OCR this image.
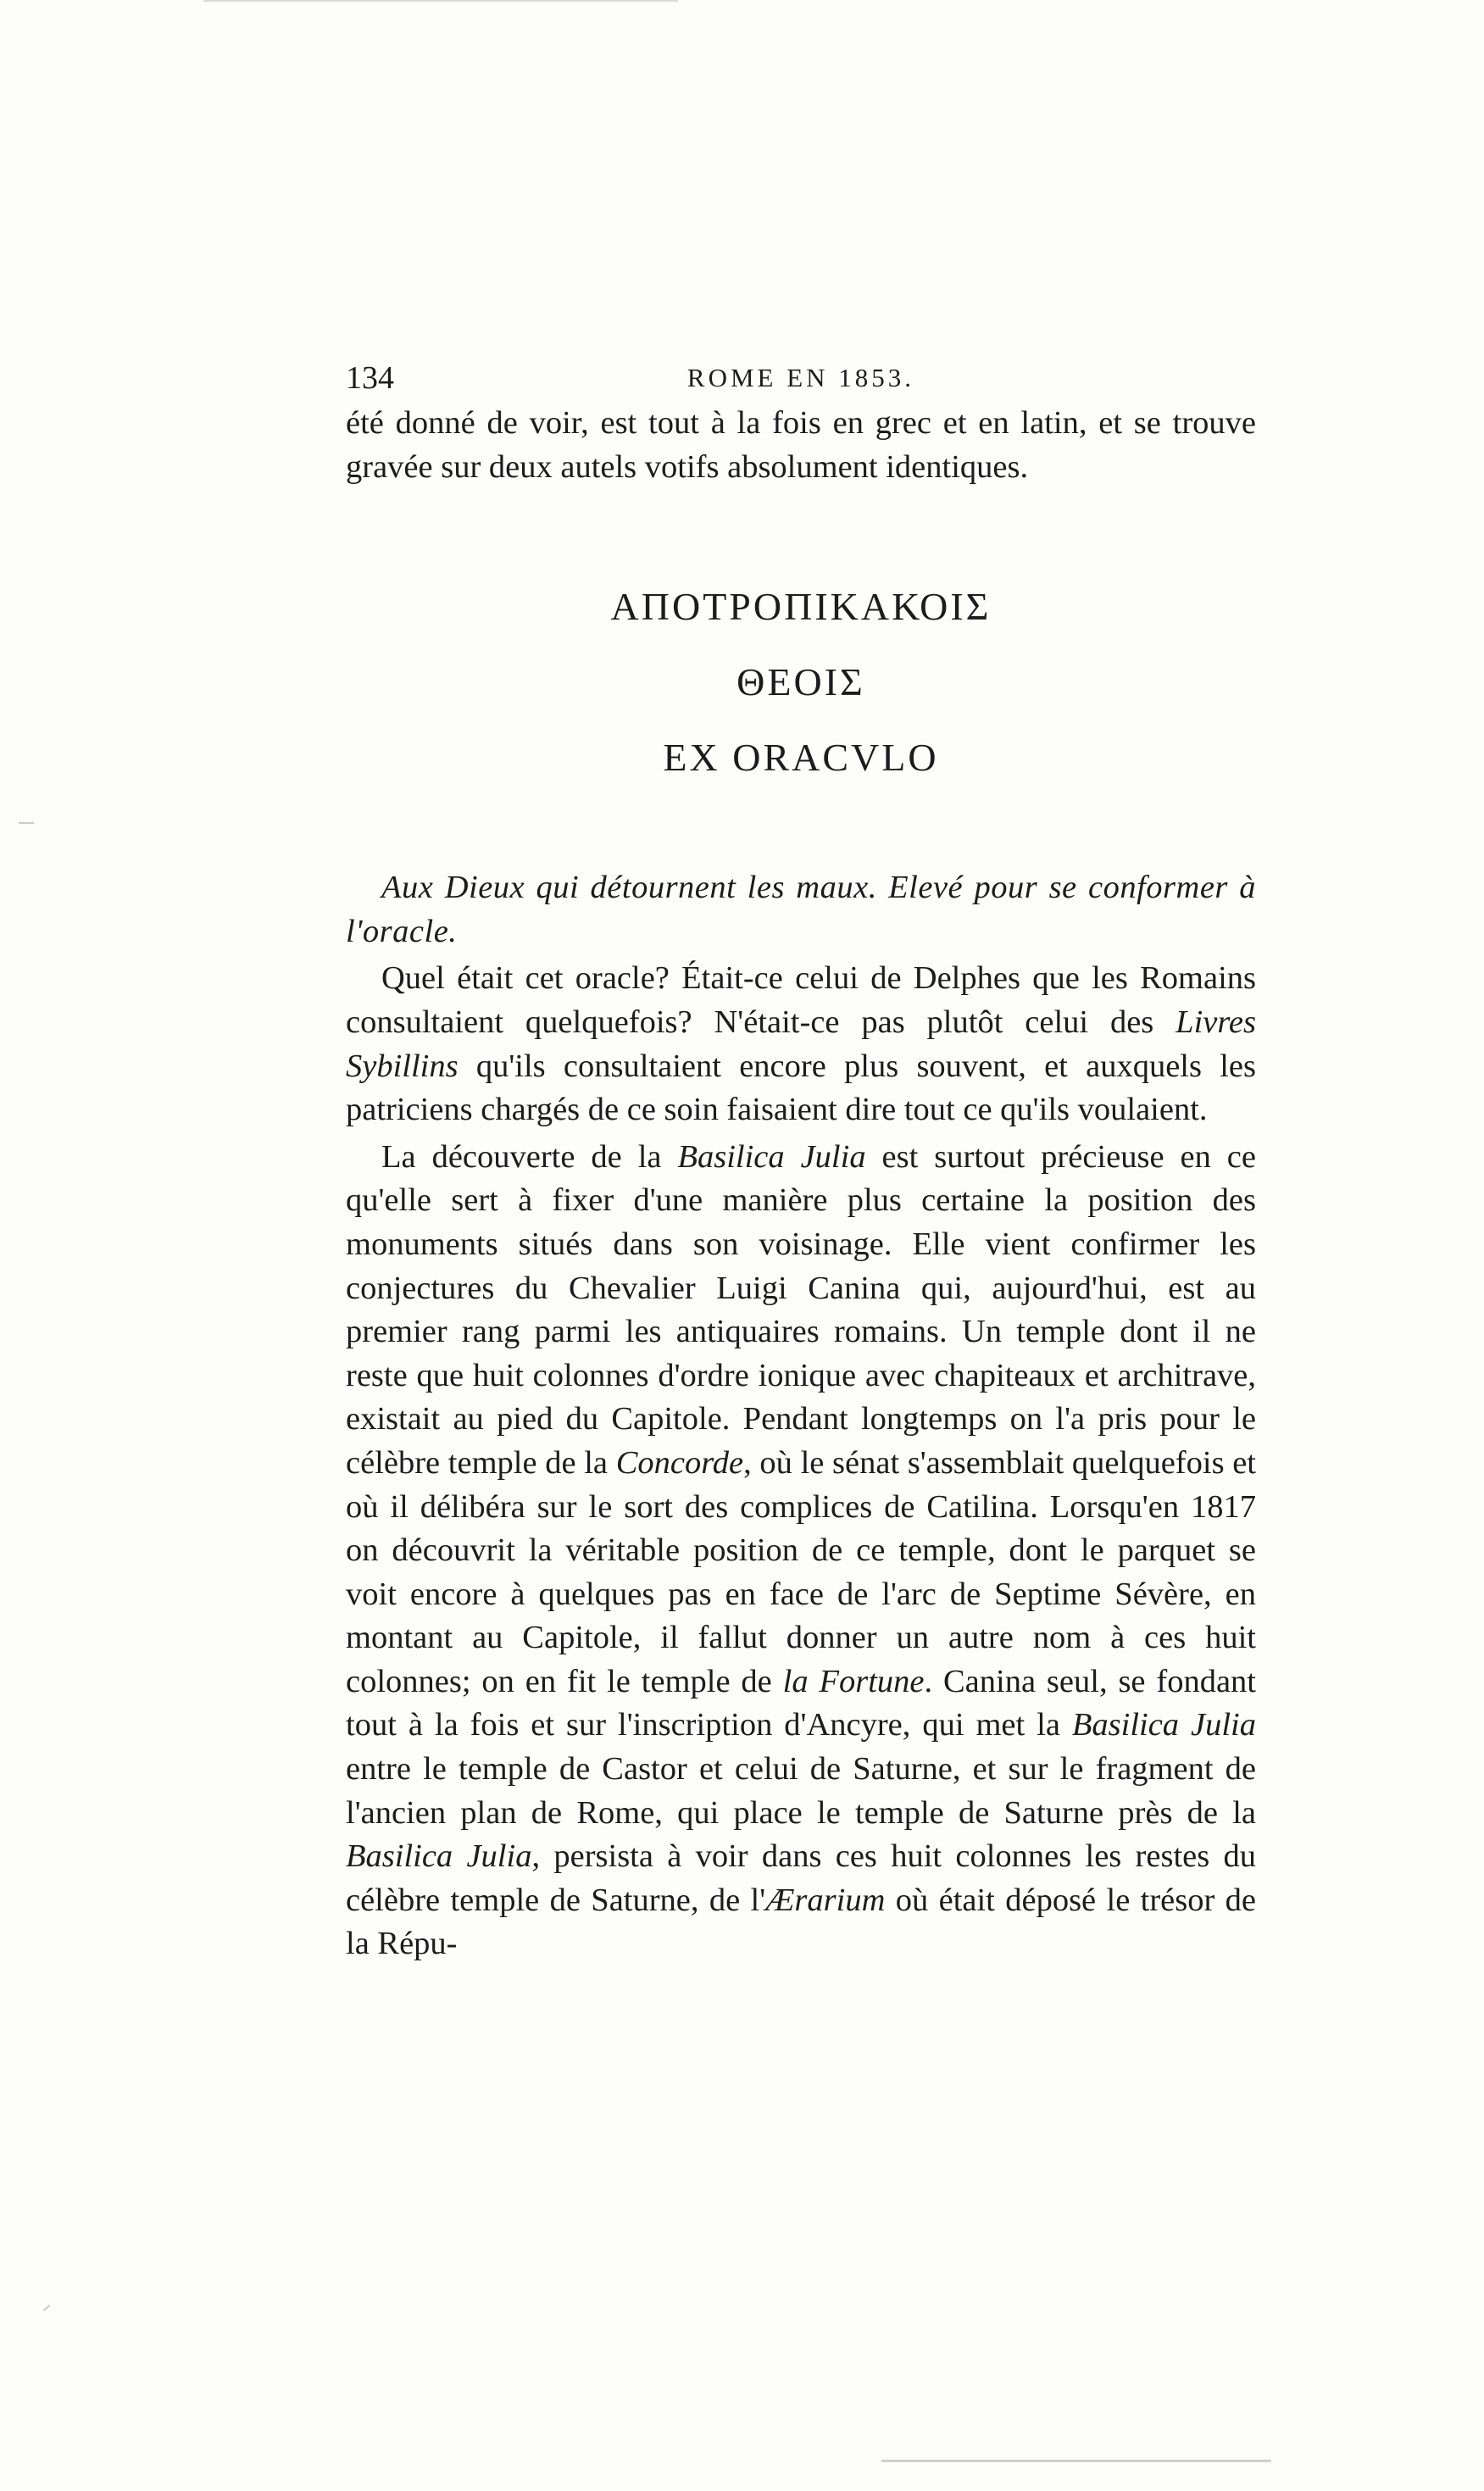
134	ROME EN 1853.

été donné de voir, est tout à la fois en grec et en latin, et se trouve gravée sur deux autels votifs absolument identiques.

ΑΠΟΤΡΟΠΙΚΑΚΟΙΣ
ΘΕΟΙΣ
EX ORACVLO

Aux Dieux qui détournent les maux. Elevé pour se conformer à l'oracle.

Quel était cet oracle? Était-ce celui de Delphes que les Romains consultaient quelquefois? N'était-ce pas plutôt celui des Livres Sybillins qu'ils consultaient encore plus souvent, et auxquels les patriciens chargés de ce soin faisaient dire tout ce qu'ils voulaient.

La découverte de la Basilica Julia est surtout précieuse en ce qu'elle sert à fixer d'une manière plus certaine la position des monuments situés dans son voisinage. Elle vient confirmer les conjectures du Chevalier Luigi Canina qui, aujourd'hui, est au premier rang parmi les antiquaires romains. Un temple dont il ne reste que huit colonnes d'ordre ionique avec chapiteaux et architrave, existait au pied du Capitole. Pendant longtemps on l'a pris pour le célèbre temple de la Concorde, où le sénat s'assemblait quelquefois et où il délibéra sur le sort des complices de Catilina. Lorsqu'en 1817 on découvrit la véritable position de ce temple, dont le parquet se voit encore à quelques pas en face de l'arc de Septime Sévère, en montant au Capitole, il fallut donner un autre nom à ces huit colonnes; on en fit le temple de la Fortune. Canina seul, se fondant tout à la fois et sur l'inscription d'Ancyre, qui met la Basilica Julia entre le temple de Castor et celui de Saturne, et sur le fragment de l'ancien plan de Rome, qui place le temple de Saturne près de la Basilica Julia, persista à voir dans ces huit colonnes les restes du célèbre temple de Saturne, de l'Ærarium où était déposé le trésor de la Répu-
